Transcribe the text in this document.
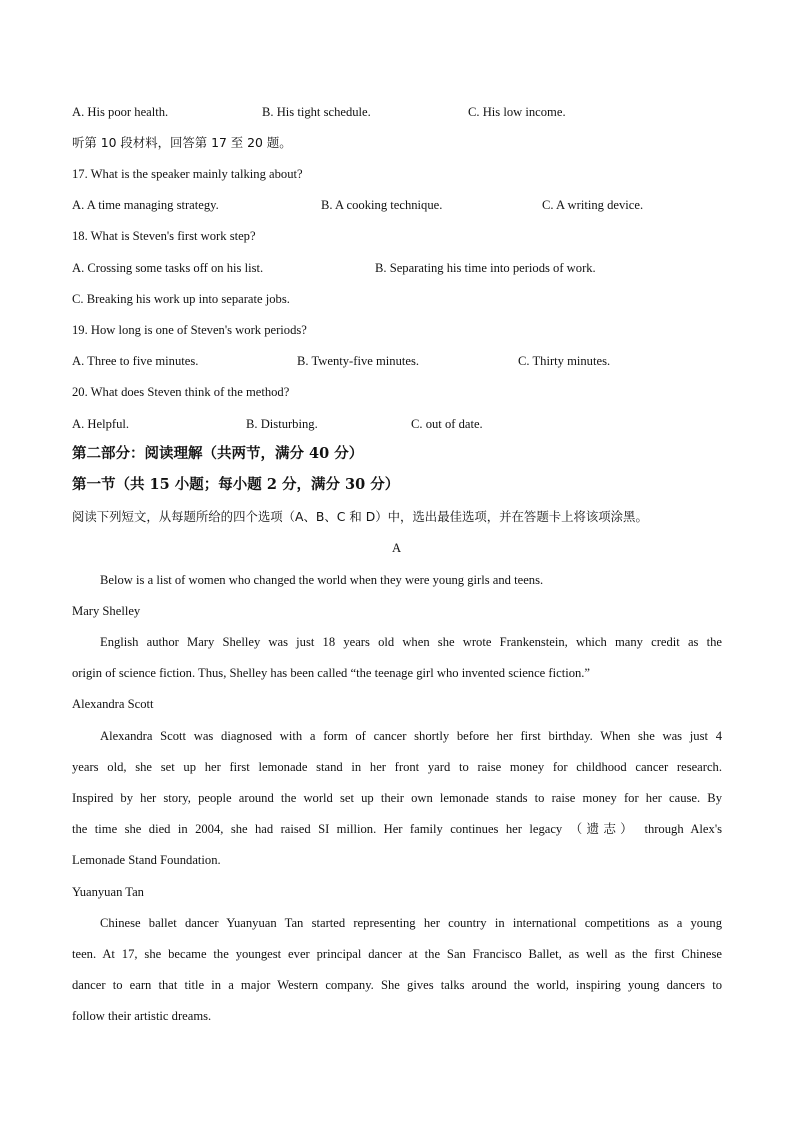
A. His poor health.	B. His tight schedule.	C. His low income.
听第 10 段材料，回答第 17 至 20 题。
17. What is the speaker mainly talking about?
A. A time managing strategy.	B. A cooking technique.	C. A writing device.
18. What is Steven's first work step?
A. Crossing some tasks off on his list.	B. Separating his time into periods of work.
C. Breaking his work up into separate jobs.
19. How long is one of Steven's work periods?
A. Three to five minutes.	B. Twenty-five minutes.	C. Thirty minutes.
20. What does Steven think of the method?
A. Helpful.	B. Disturbing.	C. out of date.
第二部分：阅读理解（共两节，满分 40 分）
第一节（共 15 小题；每小题 2 分，满分 30 分）
阅读下列短文，从每题所给的四个选项（A、B、C 和 D）中，选出最佳选项，并在答题卡上将该项涂黑。
A
Below is a list of women who changed the world when they were young girls and teens.
Mary Shelley
English author Mary Shelley was just 18 years old when she wrote Frankenstein, which many credit as the
origin of science fiction. Thus, Shelley has been called “the teenage girl who invented science fiction.”
Alexandra Scott
Alexandra Scott was diagnosed with a form of cancer shortly before her first birthday. When she was just 4
years old, she set up her first lemonade stand in her front yard to raise money for childhood cancer research.
Inspired by her story, people around the world set up their own lemonade stands to raise money for her cause. By
the time she died in 2004, she had raised SI million. Her family continues her legacy （遗志） through Alex's
Lemonade Stand Foundation.
Yuanyuan Tan
Chinese ballet dancer Yuanyuan Tan started representing her country in international competitions as a young
teen. At 17, she became the youngest ever principal dancer at the San Francisco Ballet, as well as the first Chinese
dancer to earn that title in a major Western company. She gives talks around the world, inspiring young dancers to
follow their artistic dreams.
